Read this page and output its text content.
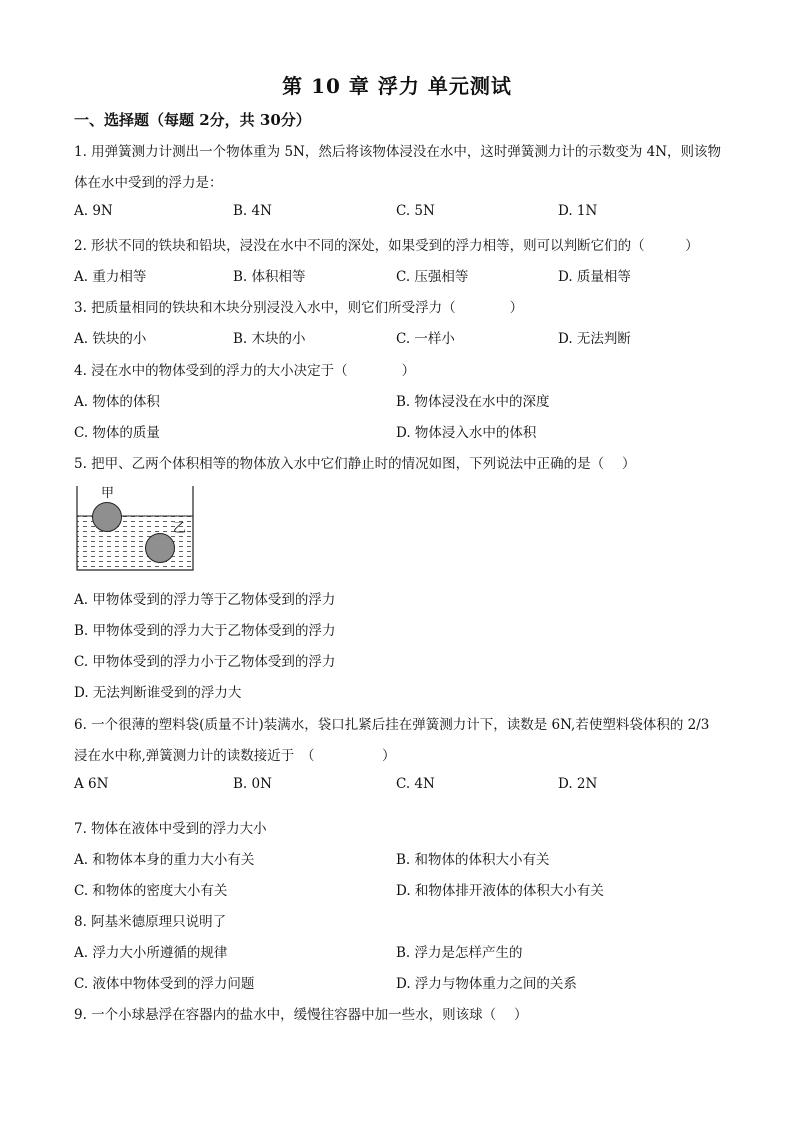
第 10 章 浮力 单元测试
一、选择题（每题 2分，共 30分）
1. 用弹簧测力计测出一个物体重为 5N，然后将该物体浸没在水中，这时弹簧测力计的示数变为 4N，则该物
体在水中受到的浮力是：
A. 9N	B. 4N	C. 5N	D. 1N
2. 形状不同的铁块和铅块，浸没在水中不同的深处，如果受到的浮力相等，则可以判断它们的（　　　）
A. 重力相等	B. 体积相等	C. 压强相等	D. 质量相等
3. 把质量相同的铁块和木块分别浸没入水中，则它们所受浮力（　　　　）
A. 铁块的小	B. 木块的小	C. 一样小	D. 无法判断
4. 浸在水中的物体受到的浮力的大小决定于（　　　　）
A. 物体的体积	B. 物体浸没在水中的深度
C. 物体的质量	D. 物体浸入水中的体积
5. 把甲、乙两个体积相等的物体放入水中它们静止时的情况如图，下列说法中正确的是（　 ）
甲
乙
A. 甲物体受到的浮力等于乙物体受到的浮力
B. 甲物体受到的浮力大于乙物体受到的浮力
C. 甲物体受到的浮力小于乙物体受到的浮力
D. 无法判断谁受到的浮力大
6. 一个很薄的塑料袋(质量不计)装满水，袋口扎紧后挂在弹簧测力计下，读数是 6N,若使塑料袋体积的 2/3
浸在水中称,弹簧测力计的读数接近于　（　　　　　）
A 6N	B. 0N	C. 4N	D. 2N
7. 物体在液体中受到的浮力大小
A. 和物体本身的重力大小有关	B. 和物体的体积大小有关
C. 和物体的密度大小有关	D. 和物体排开液体的体积大小有关
8. 阿基米德原理只说明了
A. 浮力大小所遵循的规律	B. 浮力是怎样产生的
C. 液体中物体受到的浮力问题	D. 浮力与物体重力之间的关系
9. 一个小球悬浮在容器内的盐水中，缓慢往容器中加一些水，则该球（　 ）
